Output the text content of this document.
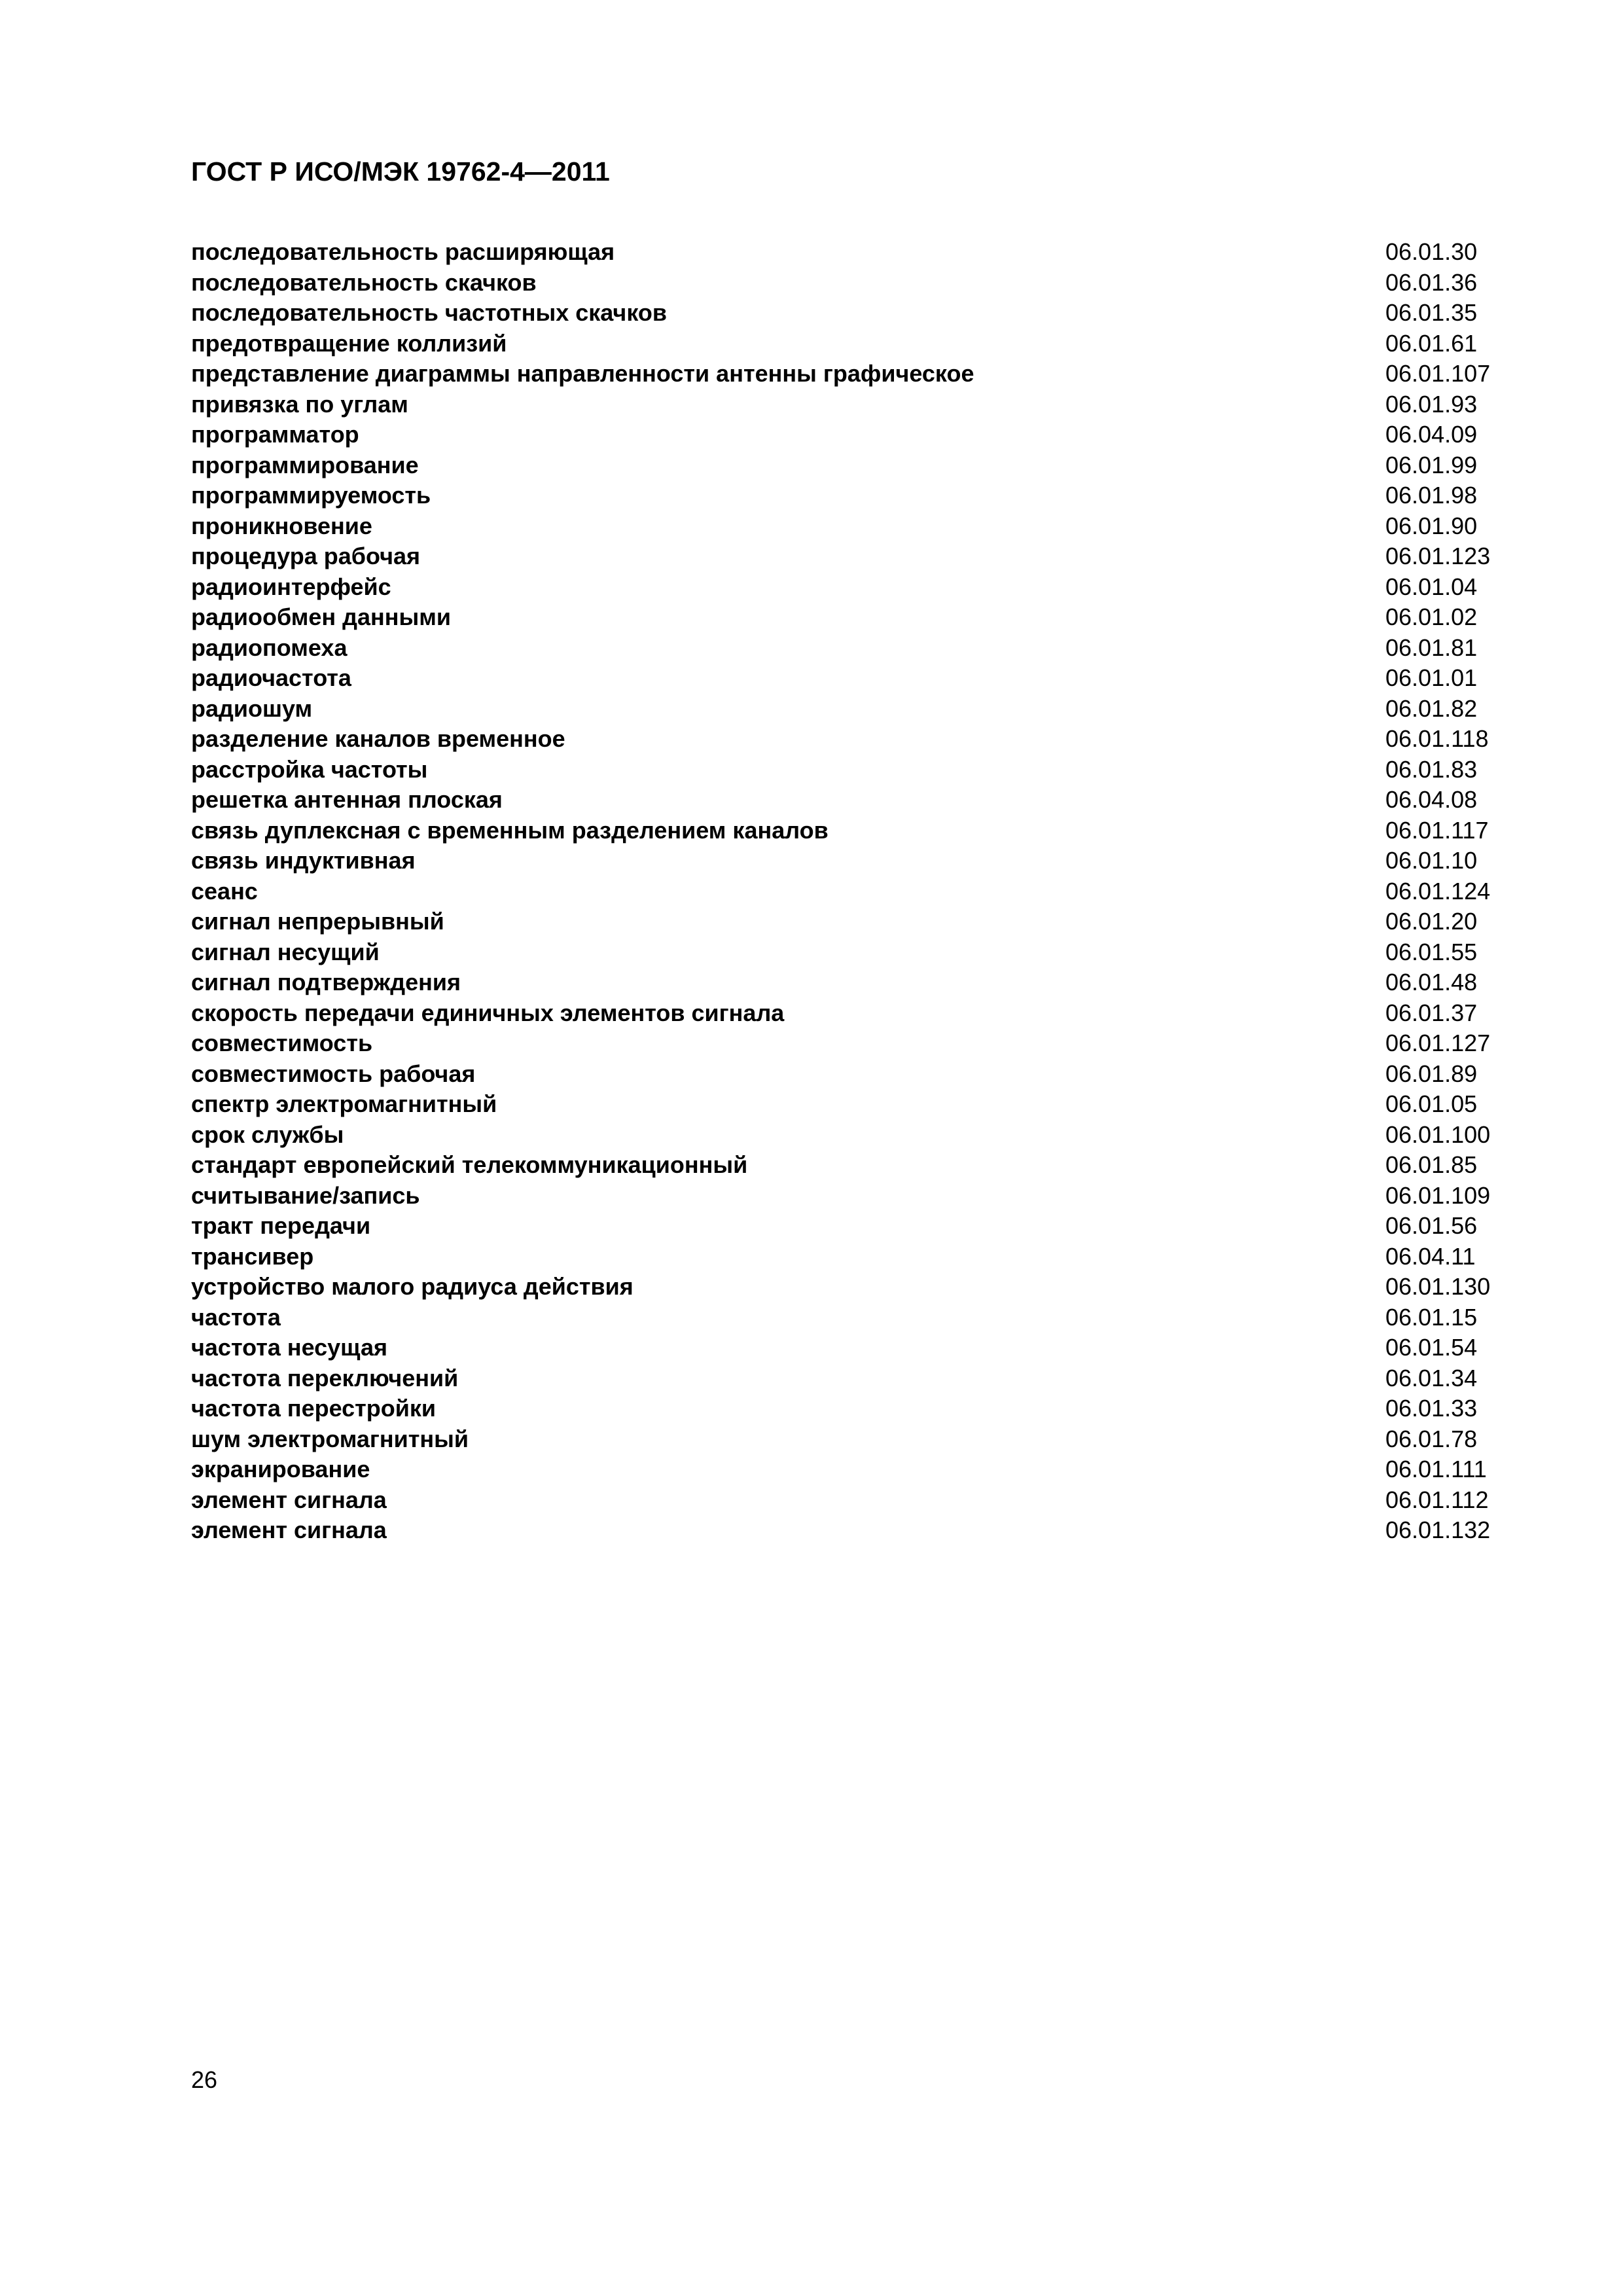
ГОСТ Р ИСО/МЭК 19762-4—2011
последовательность расширяющая	06.01.30
последовательность скачков	06.01.36
последовательность частотных скачков	06.01.35
предотвращение коллизий	06.01.61
представление диаграммы направленности антенны графическое	06.01.107
привязка по углам	06.01.93
программатор	06.04.09
программирование	06.01.99
программируемость	06.01.98
проникновение	06.01.90
процедура рабочая	06.01.123
радиоинтерфейс	06.01.04
радиообмен данными	06.01.02
радиопомеха	06.01.81
радиочастота	06.01.01
радиошум	06.01.82
разделение каналов временное	06.01.118
расстройка частоты	06.01.83
решетка антенная плоская	06.04.08
связь дуплексная с временным разделением каналов	06.01.117
связь индуктивная	06.01.10
сеанс	06.01.124
сигнал непрерывный	06.01.20
сигнал несущий	06.01.55
сигнал подтверждения	06.01.48
скорость передачи единичных элементов сигнала	06.01.37
совместимость	06.01.127
совместимость рабочая	06.01.89
спектр электромагнитный	06.01.05
срок службы	06.01.100
стандарт европейский телекоммуникационный	06.01.85
считывание/запись	06.01.109
тракт передачи	06.01.56
трансивер	06.04.11
устройство малого радиуса действия	06.01.130
частота	06.01.15
частота несущая	06.01.54
частота переключений	06.01.34
частота перестройки	06.01.33
шум электромагнитный	06.01.78
экранирование	06.01.111
элемент сигнала	06.01.112
элемент сигнала	06.01.132
26
